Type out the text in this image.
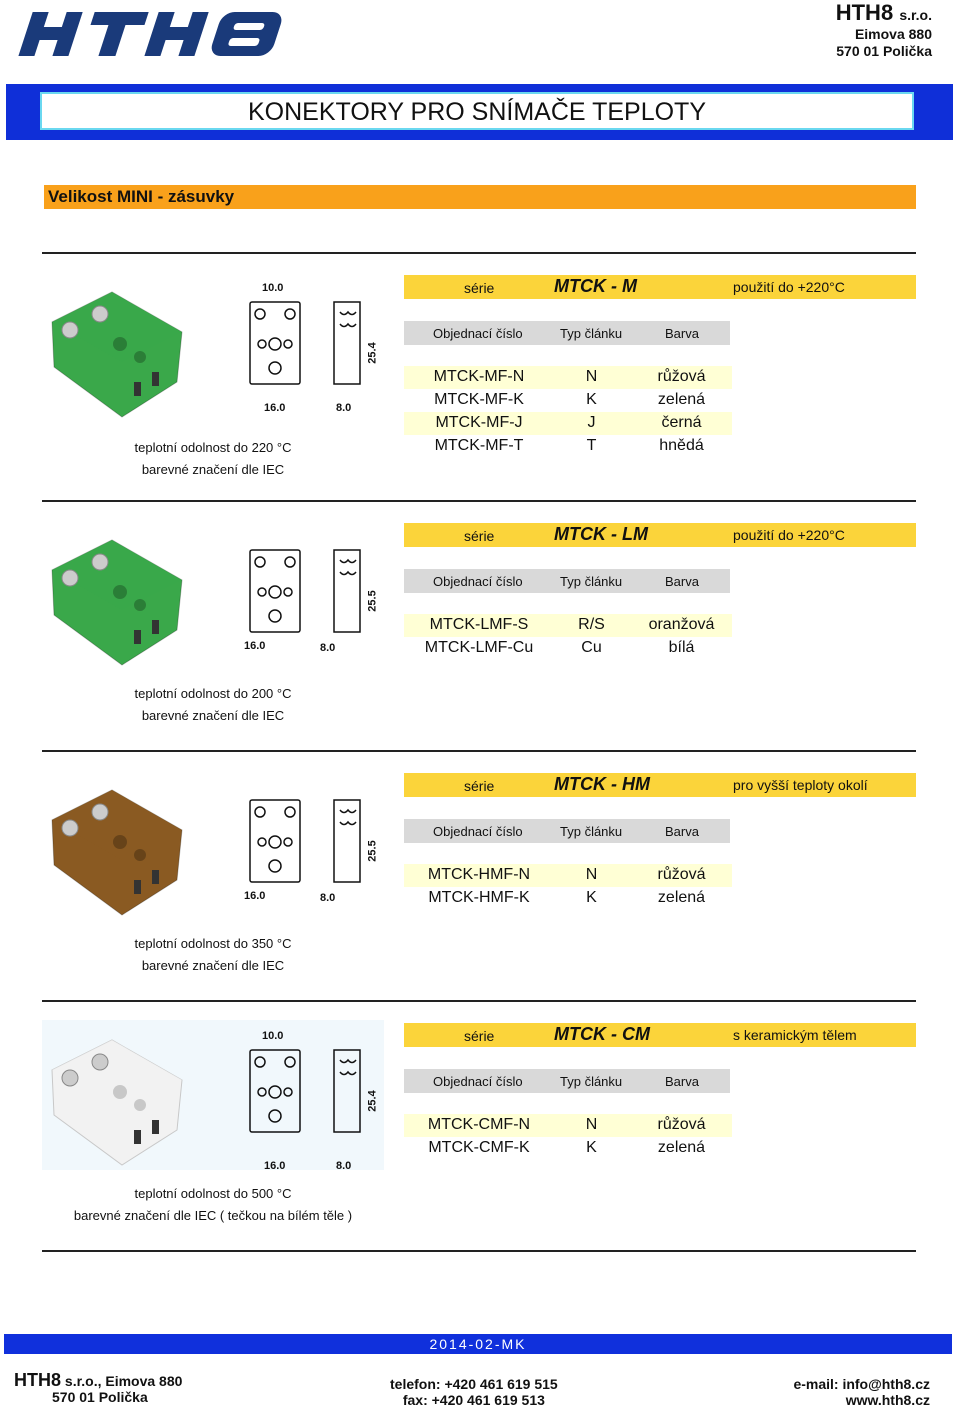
HTH8 s.r.o.
Eimova 880
570 01 Polička
KONEKTORY PRO SNÍMAČE TEPLOTY
Velikost MINI - zásuvky
10.0
25.4
16.0	8.0
série	MTCK - M	použití do +220°C
Objednací číslo	Typ článku	Barva
MTCK-MF-N	N	růžová
MTCK-MF-K	K	zelená
MTCK-MF-J	J	černá
MTCK-MF-T	T	hnědá
teplotní odolnost do 220 °C
barevné značení dle IEC
25.5
16.0	8.0
série	MTCK - LM	použití do +220°C
Objednací číslo	Typ článku	Barva
MTCK-LMF-S	R/S	oranžová
MTCK-LMF-Cu	Cu	bílá
teplotní odolnost do 200 °C
barevné značení dle IEC
25.5
16.0	8.0
série	MTCK - HM	pro vyšší teploty okolí
Objednací číslo	Typ článku	Barva
MTCK-HMF-N	N	růžová
MTCK-HMF-K	K	zelená
teplotní odolnost do 350 °C
barevné značení dle IEC
10.0
25.4
16.0	8.0
série	MTCK - CM	s keramickým tělem
Objednací číslo	Typ článku	Barva
MTCK-CMF-N	N	růžová
MTCK-CMF-K	K	zelená
teplotní odolnost do 500 °C
barevné značení dle IEC ( tečkou na bílém těle )
2014-02-MK
HTH8 s.r.o., Eimova 880
570 01 Polička
telefon: +420 461 619 515
fax: +420 461 619 513
e-mail: info@hth8.cz
www.hth8.cz
